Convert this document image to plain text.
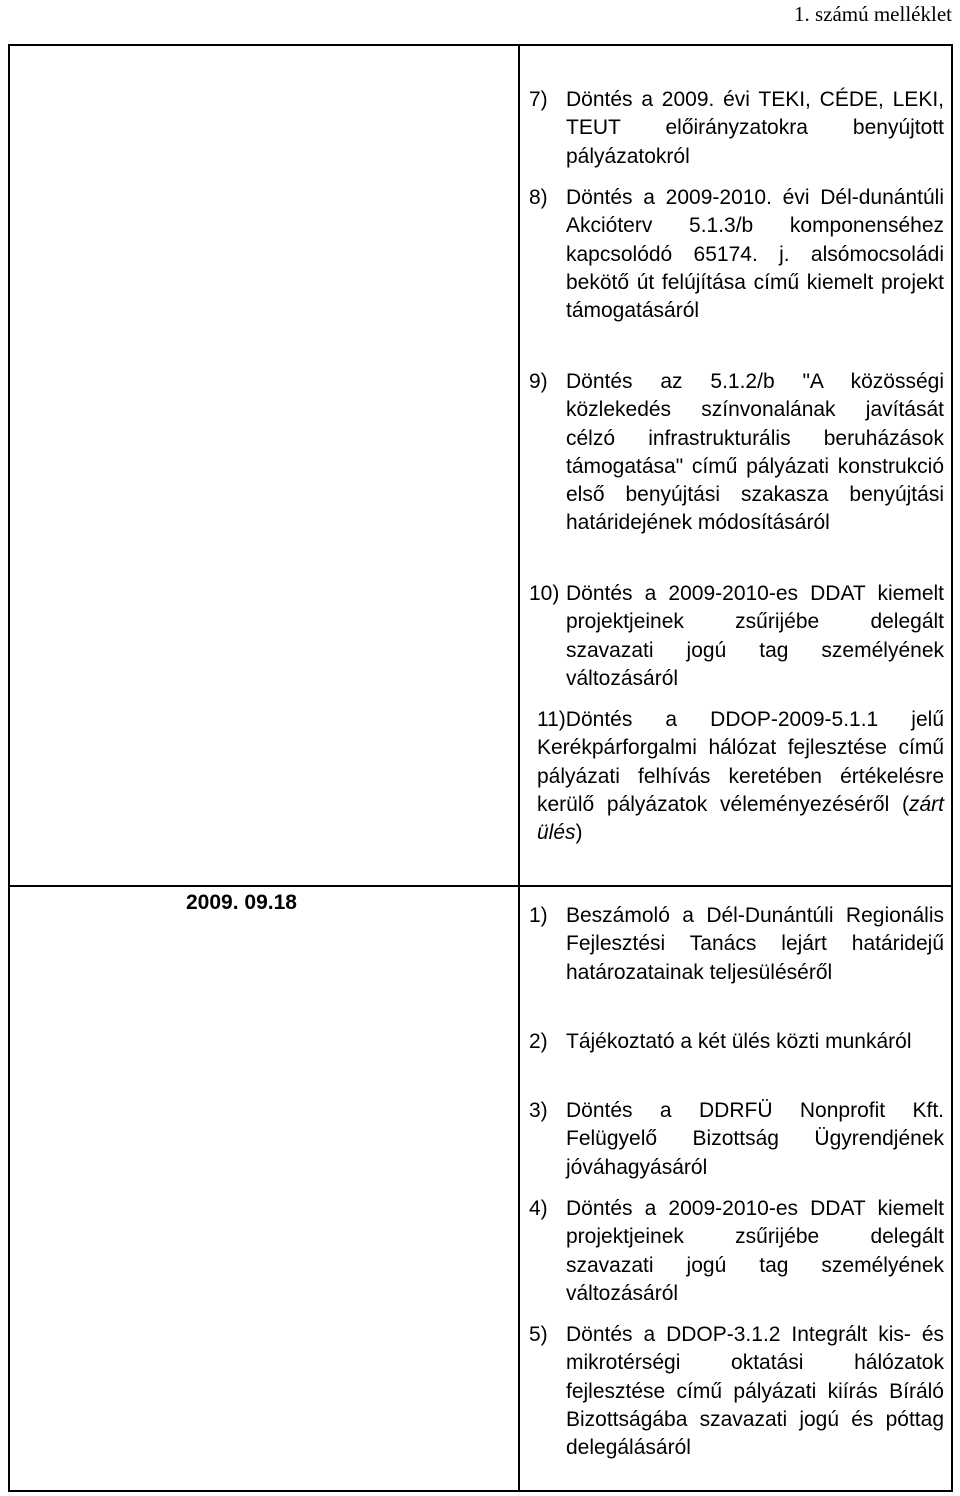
1. számú melléklet
7) Döntés a 2009. évi TEKI, CÉDE, LEKI, TEUT előirányzatokra benyújtott pályázatokról
8) Döntés a 2009-2010. évi Dél-dunántúli Akcióterv 5.1.3/b komponenséhez kapcsolódó 65174. j. alsómocsoládi bekötő út felújítása című kiemelt projekt támogatásáról
9) Döntés az 5.1.2/b "A közösségi közlekedés színvonalának javítását célzó infrastrukturális beruházások támogatása" című pályázati konstrukció első benyújtási szakasza benyújtási határidejének módosításáról
10) Döntés a 2009-2010-es DDAT kiemelt projektjeinek zsűrijébe delegált szavazati jogú tag személyének változásáról
11)Döntés a DDOP-2009-5.1.1 jelű Kerékpárforgalmi hálózat fejlesztése című pályázati felhívás keretében értékelésre kerülő pályázatok véleményezéséről (zárt ülés)
2009. 09.18
1) Beszámoló a Dél-Dunántúli Regionális Fejlesztési Tanács lejárt határidejű határozatainak teljesüléséről
2) Tájékoztató a két ülés közti munkáról
3) Döntés a DDRFÜ Nonprofit Kft. Felügyelő Bizottság Ügyrendjének jóváhagyásáról
4) Döntés a 2009-2010-es DDAT kiemelt projektjeinek zsűrijébe delegált szavazati jogú tag személyének változásáról
5) Döntés a DDOP-3.1.2 Integrált kis- és mikrotérségi oktatási hálózatok fejlesztése című pályázati kiírás Bíráló Bizottságába szavazati jogú és póttag delegálásáról
